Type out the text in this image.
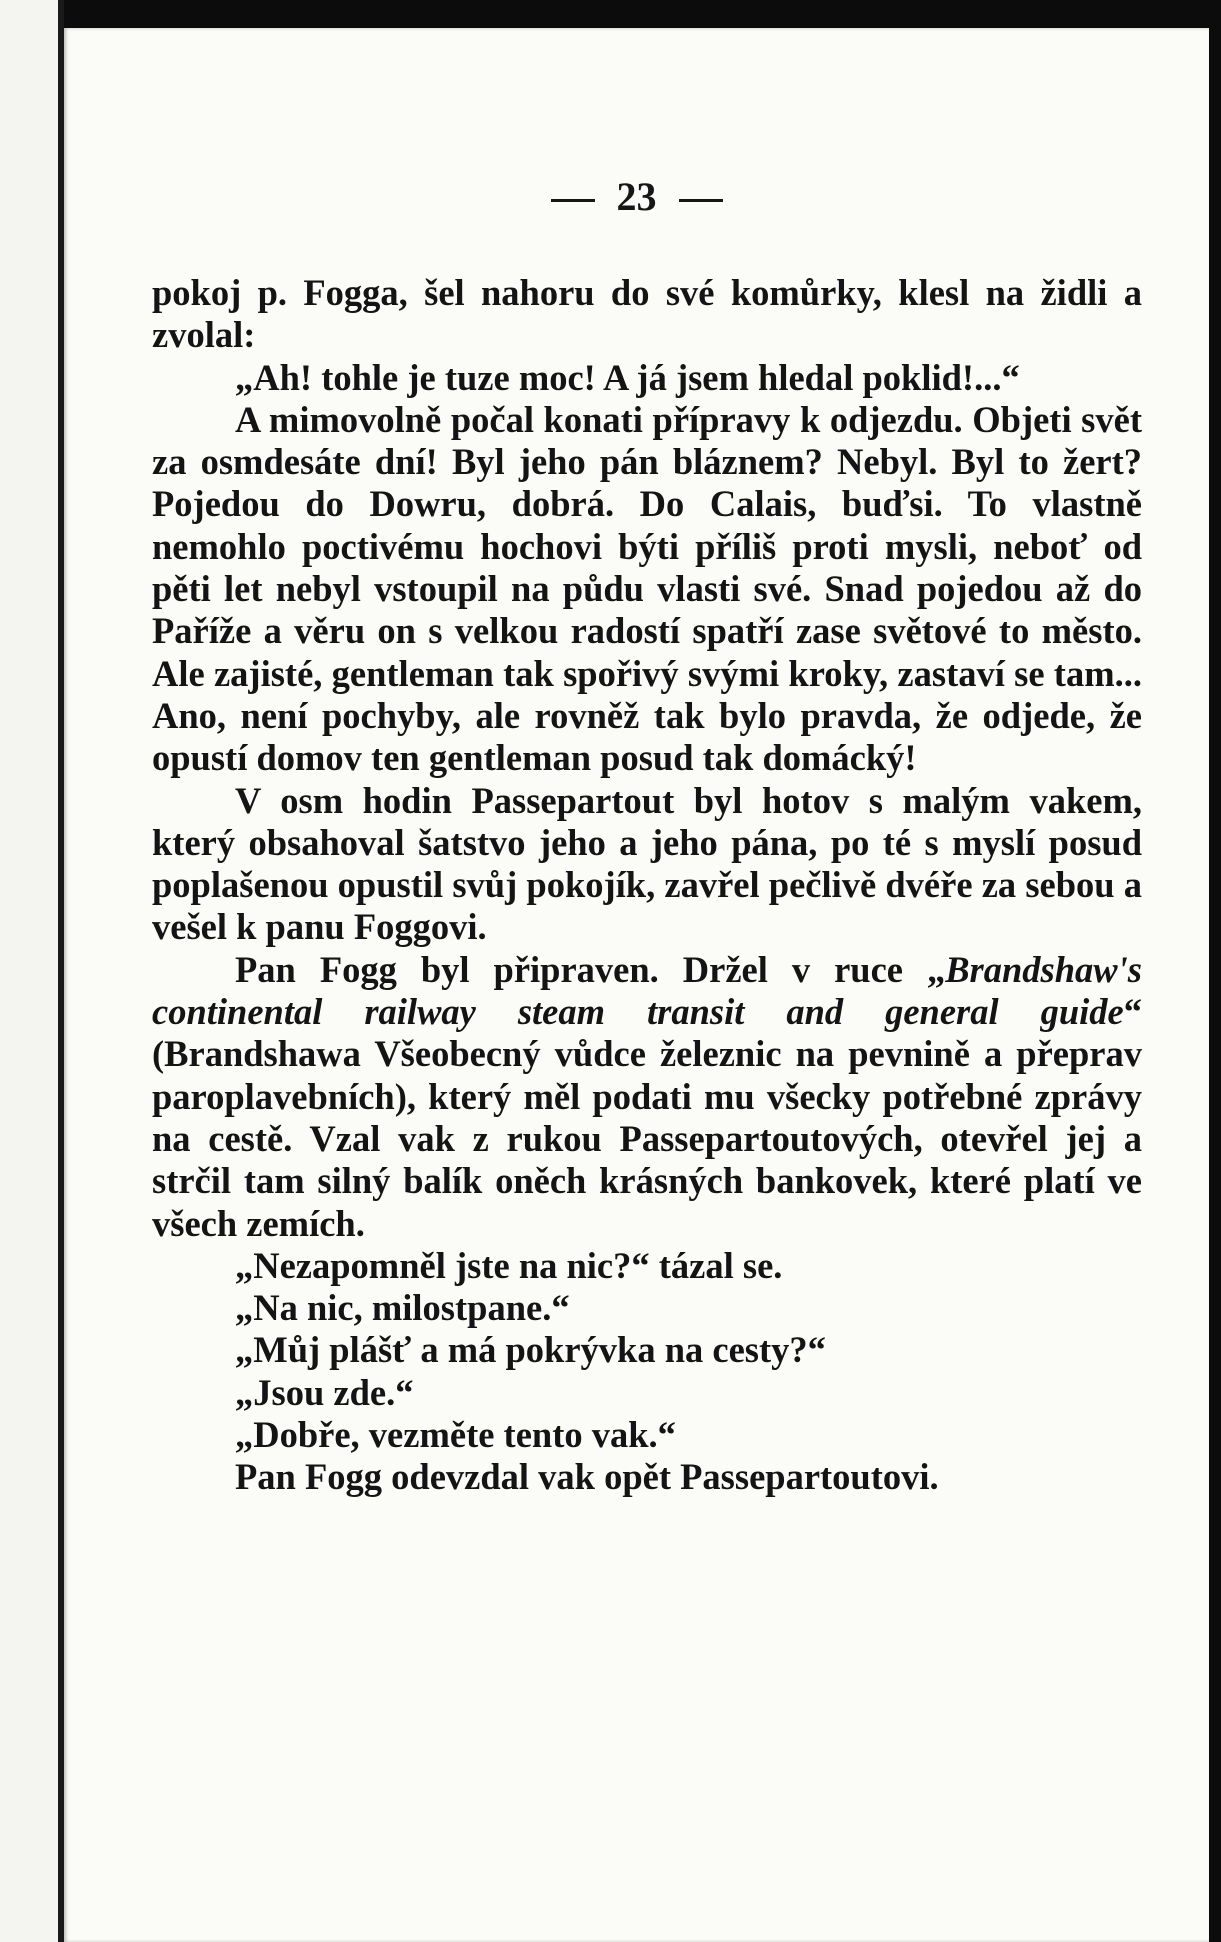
23

pokoj p. Fogga, šel nahoru do své komůrky, klesl na židli a zvolal:

„Ah! tohle je tuze moc! A já jsem hledal poklid!...“

A mimovolně počal konati přípravy k odjezdu. Objeti svět za osmdesáte dní! Byl jeho pán bláznem? Nebyl. Byl to žert? Pojedou do Dowru, dobrá. Do Calais, buďsi. To vlastně nemohlo poctivému hochovi býti příliš proti mysli, neboť od pěti let nebyl vstoupil na půdu vlasti své. Snad pojedou až do Paříže a věru on s velkou radostí spatří zase světové to město. Ale zajisté, gentleman tak spořivý svými kroky, zastaví se tam... Ano, není pochyby, ale rovněž tak bylo pravda, že odjede, že opustí domov ten gentleman posud tak domácký!

V osm hodin Passepartout byl hotov s malým vakem, který obsahoval šatstvo jeho a jeho pána, po té s myslí posud poplašenou opustil svůj pokojík, zavřel pečlivě dvéře za sebou a vešel k panu Foggovi.

Pan Fogg byl připraven. Držel v ruce „Brandshaw's continental railway steam transit and general guide“ (Brandshawa Všeobecný vůdce železnic na pevnině a přeprav paroplavebních), který měl podati mu všecky potřebné zprávy na cestě. Vzal vak z rukou Passepartoutových, otevřel jej a strčil tam silný balík oněch krásných bankovek, které platí ve všech zemích.

„Nezapomněl jste na nic?“ tázal se.

„Na nic, milostpane.“

„Můj plášť a má pokrývka na cesty?“

„Jsou zde.“

„Dobře, vezměte tento vak.“

Pan Fogg odevzdal vak opět Passepartoutovi.
